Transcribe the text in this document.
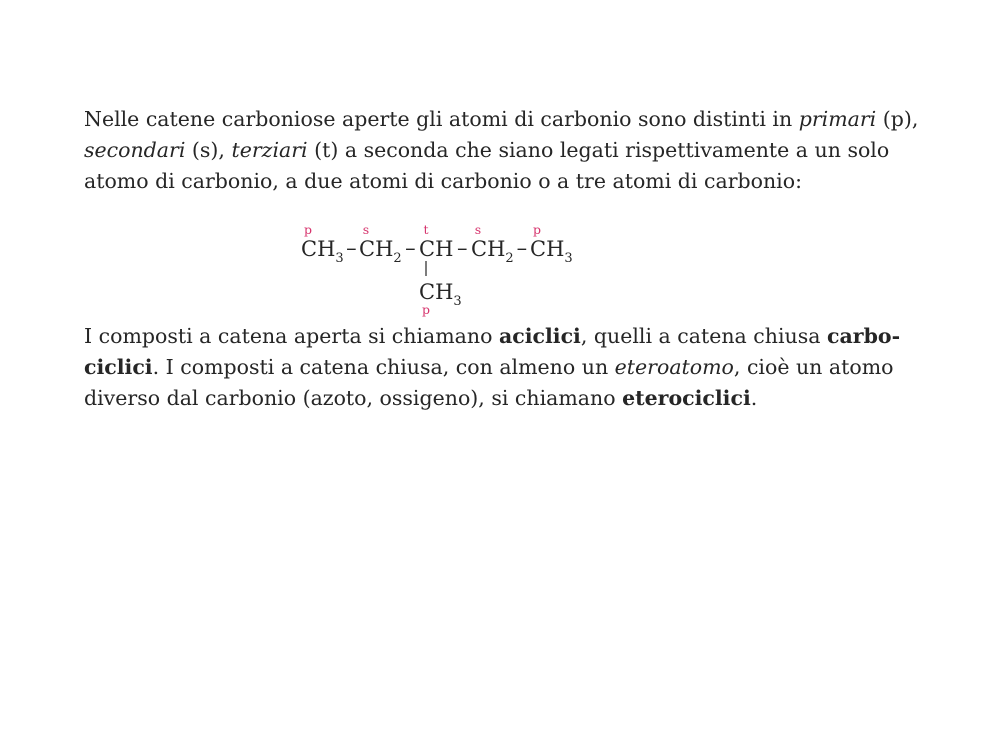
Nelle catene carboniose aperte gli atomi di carbonio sono distinti in primari (p),
secondari (s), terziari (t) a seconda che siano legati rispettivamente a un solo
atomo di carbonio, a due atomi di carbonio o a tre atomi di carbonio:

CH 3
p
– CH 2
s
– CH
t
– CH 2
s
– CH 3
p
CH 3
p

I composti a catena aperta si chiamano aciclici, quelli a catena chiusa carbo-
ciclici. I composti a catena chiusa, con almeno un eteroatomo, cioè un atomo
diverso dal carbonio (azoto, ossigeno), si chiamano eterociclici.
